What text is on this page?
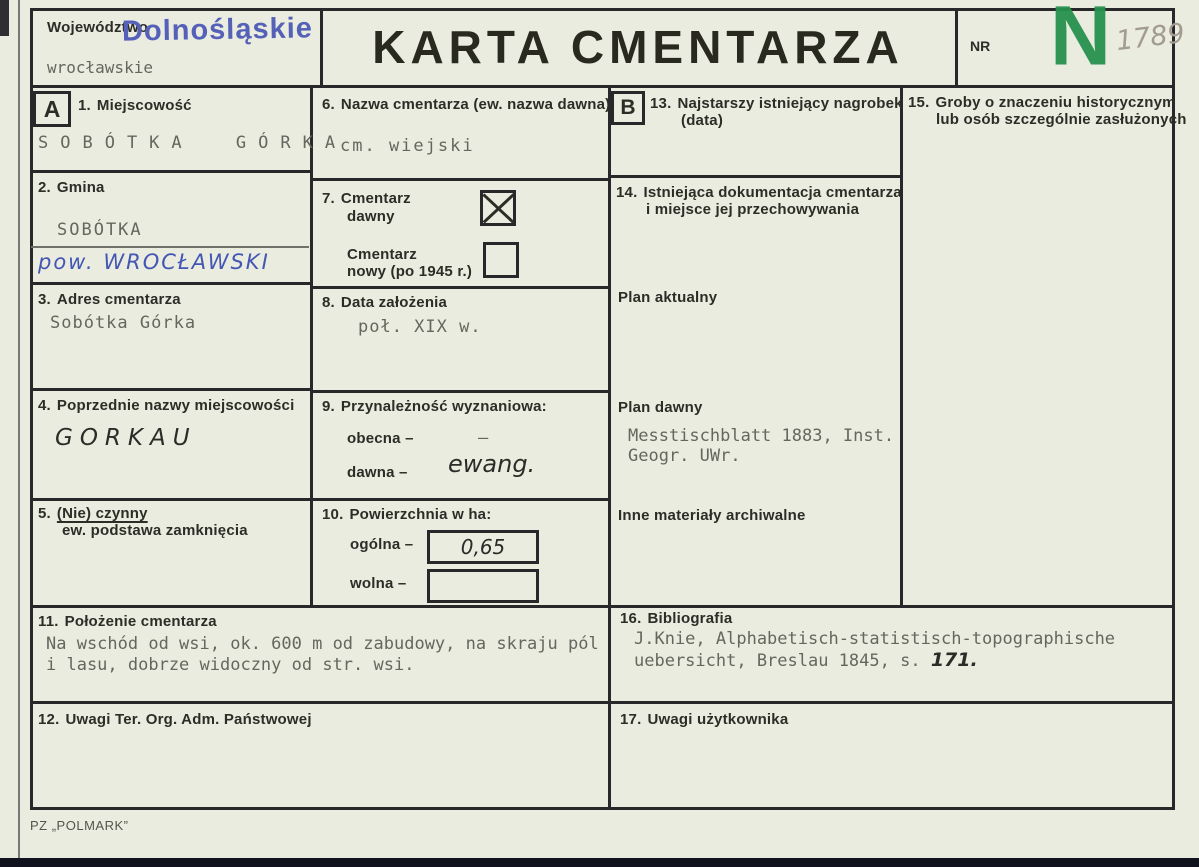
Województwo
Dolnośląskie
wrocławskie	KARTA CMENTARZA	NR N 1789
A	B
1. Miejscowość
SOBÓTKA GÓRKA
2. Gmina
SOBÓTKA
pow. WROCŁAWSKI
3. Adres cmentarza
Sobótka Górka
4. Poprzednie nazwy miejscowości
GORKAU
5. (Nie) czynny
ew. podstawa zamknięcia
6. Nazwa cmentarza (ew. nazwa dawna)
cm. wiejski
7. Cmentarz
dawny
Cmentarz
nowy (po 1945 r.)
8. Data założenia
poł. XIX w.
9. Przynależność wyznaniowa:
obecna –	–
dawna – ewang.
10. Powierzchnia w ha:
ogólna – 0,65
wolna –
13. Najstarszy istniejący nagrobek
(data)
14. Istniejąca dokumentacja cmentarza
i miejsce jej przechowywania
Plan aktualny
Plan dawny
Messtischblatt 1883, Inst.
Geogr. UWr.
Inne materiały archiwalne
15. Groby o znaczeniu historycznym
lub osób szczególnie zasłużonych
11. Położenie cmentarza
Na wschód od wsi, ok. 600 m od zabudowy, na skraju pól
i lasu, dobrze widoczny od str. wsi.
16. Bibliografia
J.Knie, Alphabetisch-statistisch-topographische
uebersicht, Breslau 1845, s. 171.
12. Uwagi Ter. Org. Adm. Państwowej	17. Uwagi użytkownika
PZ „POLMARK”
